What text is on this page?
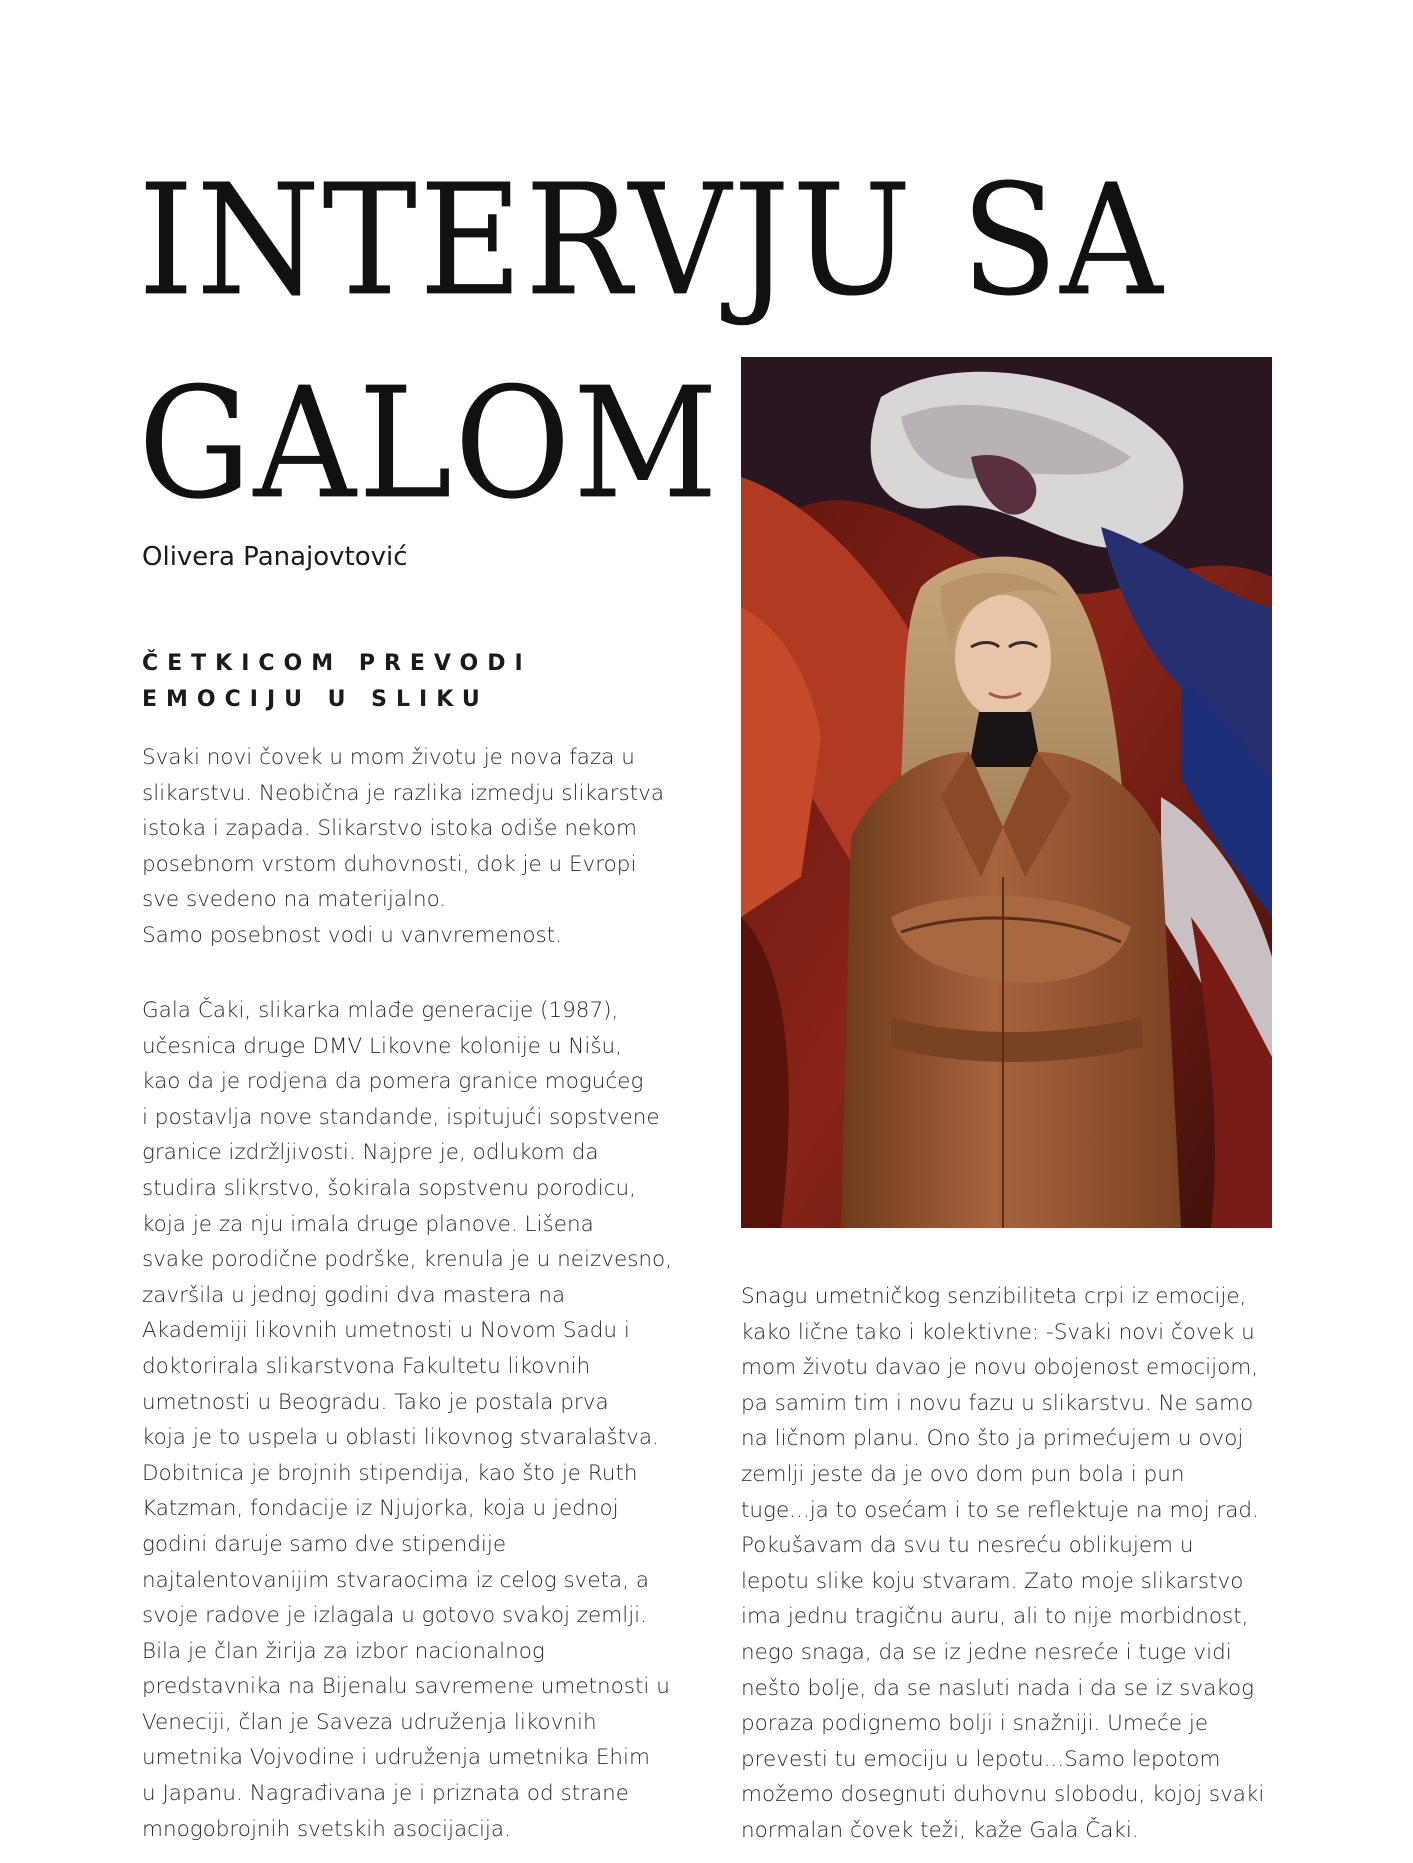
INTERVJU SA
GALOM
Olivera Panajovtović
ČETKICOM PREVODI
EMOCIJU U SLIKU
Svaki novi čovek u mom životu je nova faza u
slikarstvu. Neobična je razlika izmedju slikarstva
istoka i zapada. Slikarstvo istoka odiše nekom
posebnom vrstom duhovnosti, dok je u Evropi
sve svedeno na materijalno.
Samo posebnost vodi u vanvremenost.
Gala Čaki, slikarka mlađe generacije (1987),
učesnica druge DMV Likovne kolonije u Nišu,
kao da je rodjena da pomera granice mogućeg
i postavlja nove standande, ispitujući sopstvene
granice izdržljivosti. Najpre je, odlukom da
studira slikrstvo, šokirala sopstvenu porodicu,
koja je za nju imala druge planove. Lišena
svake porodične podrške, krenula je u neizvesno,
završila u jednoj godini dva mastera na
Akademiji likovnih umetnosti u Novom Sadu i
doktorirala slikarstvona Fakultetu likovnih
umetnosti u Beogradu. Tako je postala prva
koja je to uspela u oblasti likovnog stvaralaštva.
Dobitnica je brojnih stipendija, kao što je Ruth
Katzman, fondacije iz Njujorka, koja u jednoj
godini daruje samo dve stipendije
najtalentovanijim stvaraocima iz celog sveta, a
svoje radove je izlagala u gotovo svakoj zemlji.
Bila je član žirija za izbor nacionalnog
predstavnika na Bijenalu savremene umetnosti u
Veneciji, član je Saveza udruženja likovnih
umetnika Vojvodine i udruženja umetnika Ehim
u Japanu. Nagrađivana je i priznata od strane
mnogobrojnih svetskih asocijacija.
Snagu umetničkog senzibiliteta crpi iz emocije,
kako lične tako i kolektivne: -Svaki novi čovek u
mom životu davao je novu obojenost emocijom,
pa samim tim i novu fazu u slikarstvu. Ne samo
na ličnom planu. Ono što ja primećujem u ovoj
zemlji jeste da je ovo dom pun bola i pun
tuge...ja to osećam i to se reflektuje na moj rad.
Pokušavam da svu tu nesreću oblikujem u
lepotu slike koju stvaram. Zato moje slikarstvo
ima jednu tragičnu auru, ali to nije morbidnost,
nego snaga, da se iz jedne nesreće i tuge vidi
nešto bolje, da se nasluti nada i da se iz svakog
poraza podignemo bolji i snažniji. Umeće je
prevesti tu emociju u lepotu...Samo lepotom
možemo dosegnuti duhovnu slobodu, kojoj svaki
normalan čovek teži, kaže Gala Čaki.
